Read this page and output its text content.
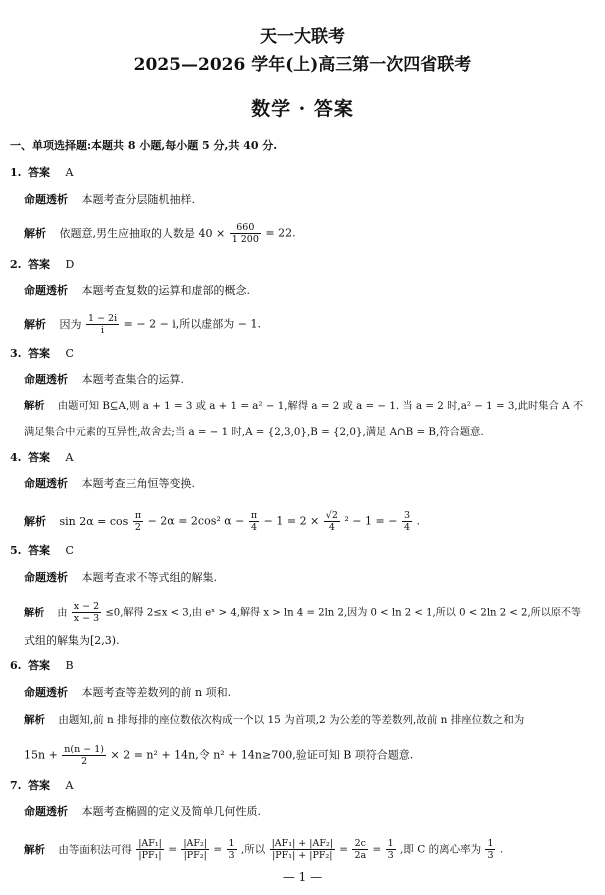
天一大联考
2025—2026 学年(上)高三第一次四省联考
数学 · 答案
一、单项选择题:本题共 8 小题,每小题 5 分,共 40 分.
1. 答案 A
命题透析 本题考查分层随机抽样.
解析 依题意,男生应抽取的人数是 $40 \times \frac{660}{1 200} = 22$.
2. 答案 D
命题透析 本题考查复数的运算和虚部的概念.
解析 因为 $\frac{1 - 2i}{i}$ = − 2 − i,所以虚部为 − 1.
3. 答案 C
命题透析 本题考查集合的运算.
解析 由题可知 B⊆A,则 a + 1 = 3 或 a + 1 = a² − 1,解得 a = 2 或 a = − 1. 当 a = 2 时,a² − 1 = 3,此时集合 A 不
满足集合中元素的互异性,故舍去;当 a = − 1 时,A = {2,3,0},B = {2,0},满足 A∩B = B,符合题意.
4. 答案 A
命题透析 本题考查三角恒等变换.
解析 $\sin 2\alpha = \cos \frac{\pi}{2} - 2\alpha = 2\cos^2$ $\alpha - \frac{\pi}{4} - 1 = 2 \times \frac{√2}{4} ^2 - 1$ = − $\frac{3}{4}$ .
5. 答案 C
命题透析 本题考查求不等式组的解集.
解析 由 $\frac{x - 2}{x - 3} \le 0$,解得 2≤x < 3,由 eˣ > 4,解得 x > ln 4 = 2ln 2,因为 0 < ln 2 < 1,所以 0 < 2ln 2 < 2,所以原不等
式组的解集为[2,3).
6. 答案 B
命题透析 本题考查等差数列的前 n 项和.
解析 由题知,前 n 排每排的座位数依次构成一个以 15 为首项,2 为公差的等差数列,故前 n 排座位数之和为
$15n + \frac{n(n - 1)}{2} \times 2 = n^2 + 14n$,令 n² + 14n≥700,验证可知 B 项符合题意.
7. 答案 A
命题透析 本题考查椭圆的定义及简单几何性质.
解析 由等面积法可得 $\frac{\text{|AF₁|}}{\text{|PF₁|}} = \frac{\text{|AF₂|}}{\text{|PF₂|}} = \frac{1}{3}$ ,所以 $\frac{\text{|AF₁| + |AF₂|}}{\text{|PF₁| + |PF₂|}} = \frac{2c}{2a} = \frac{1}{3}$ ,即 C 的离心率为 $\frac{1}{3}$ .
— 1 —
